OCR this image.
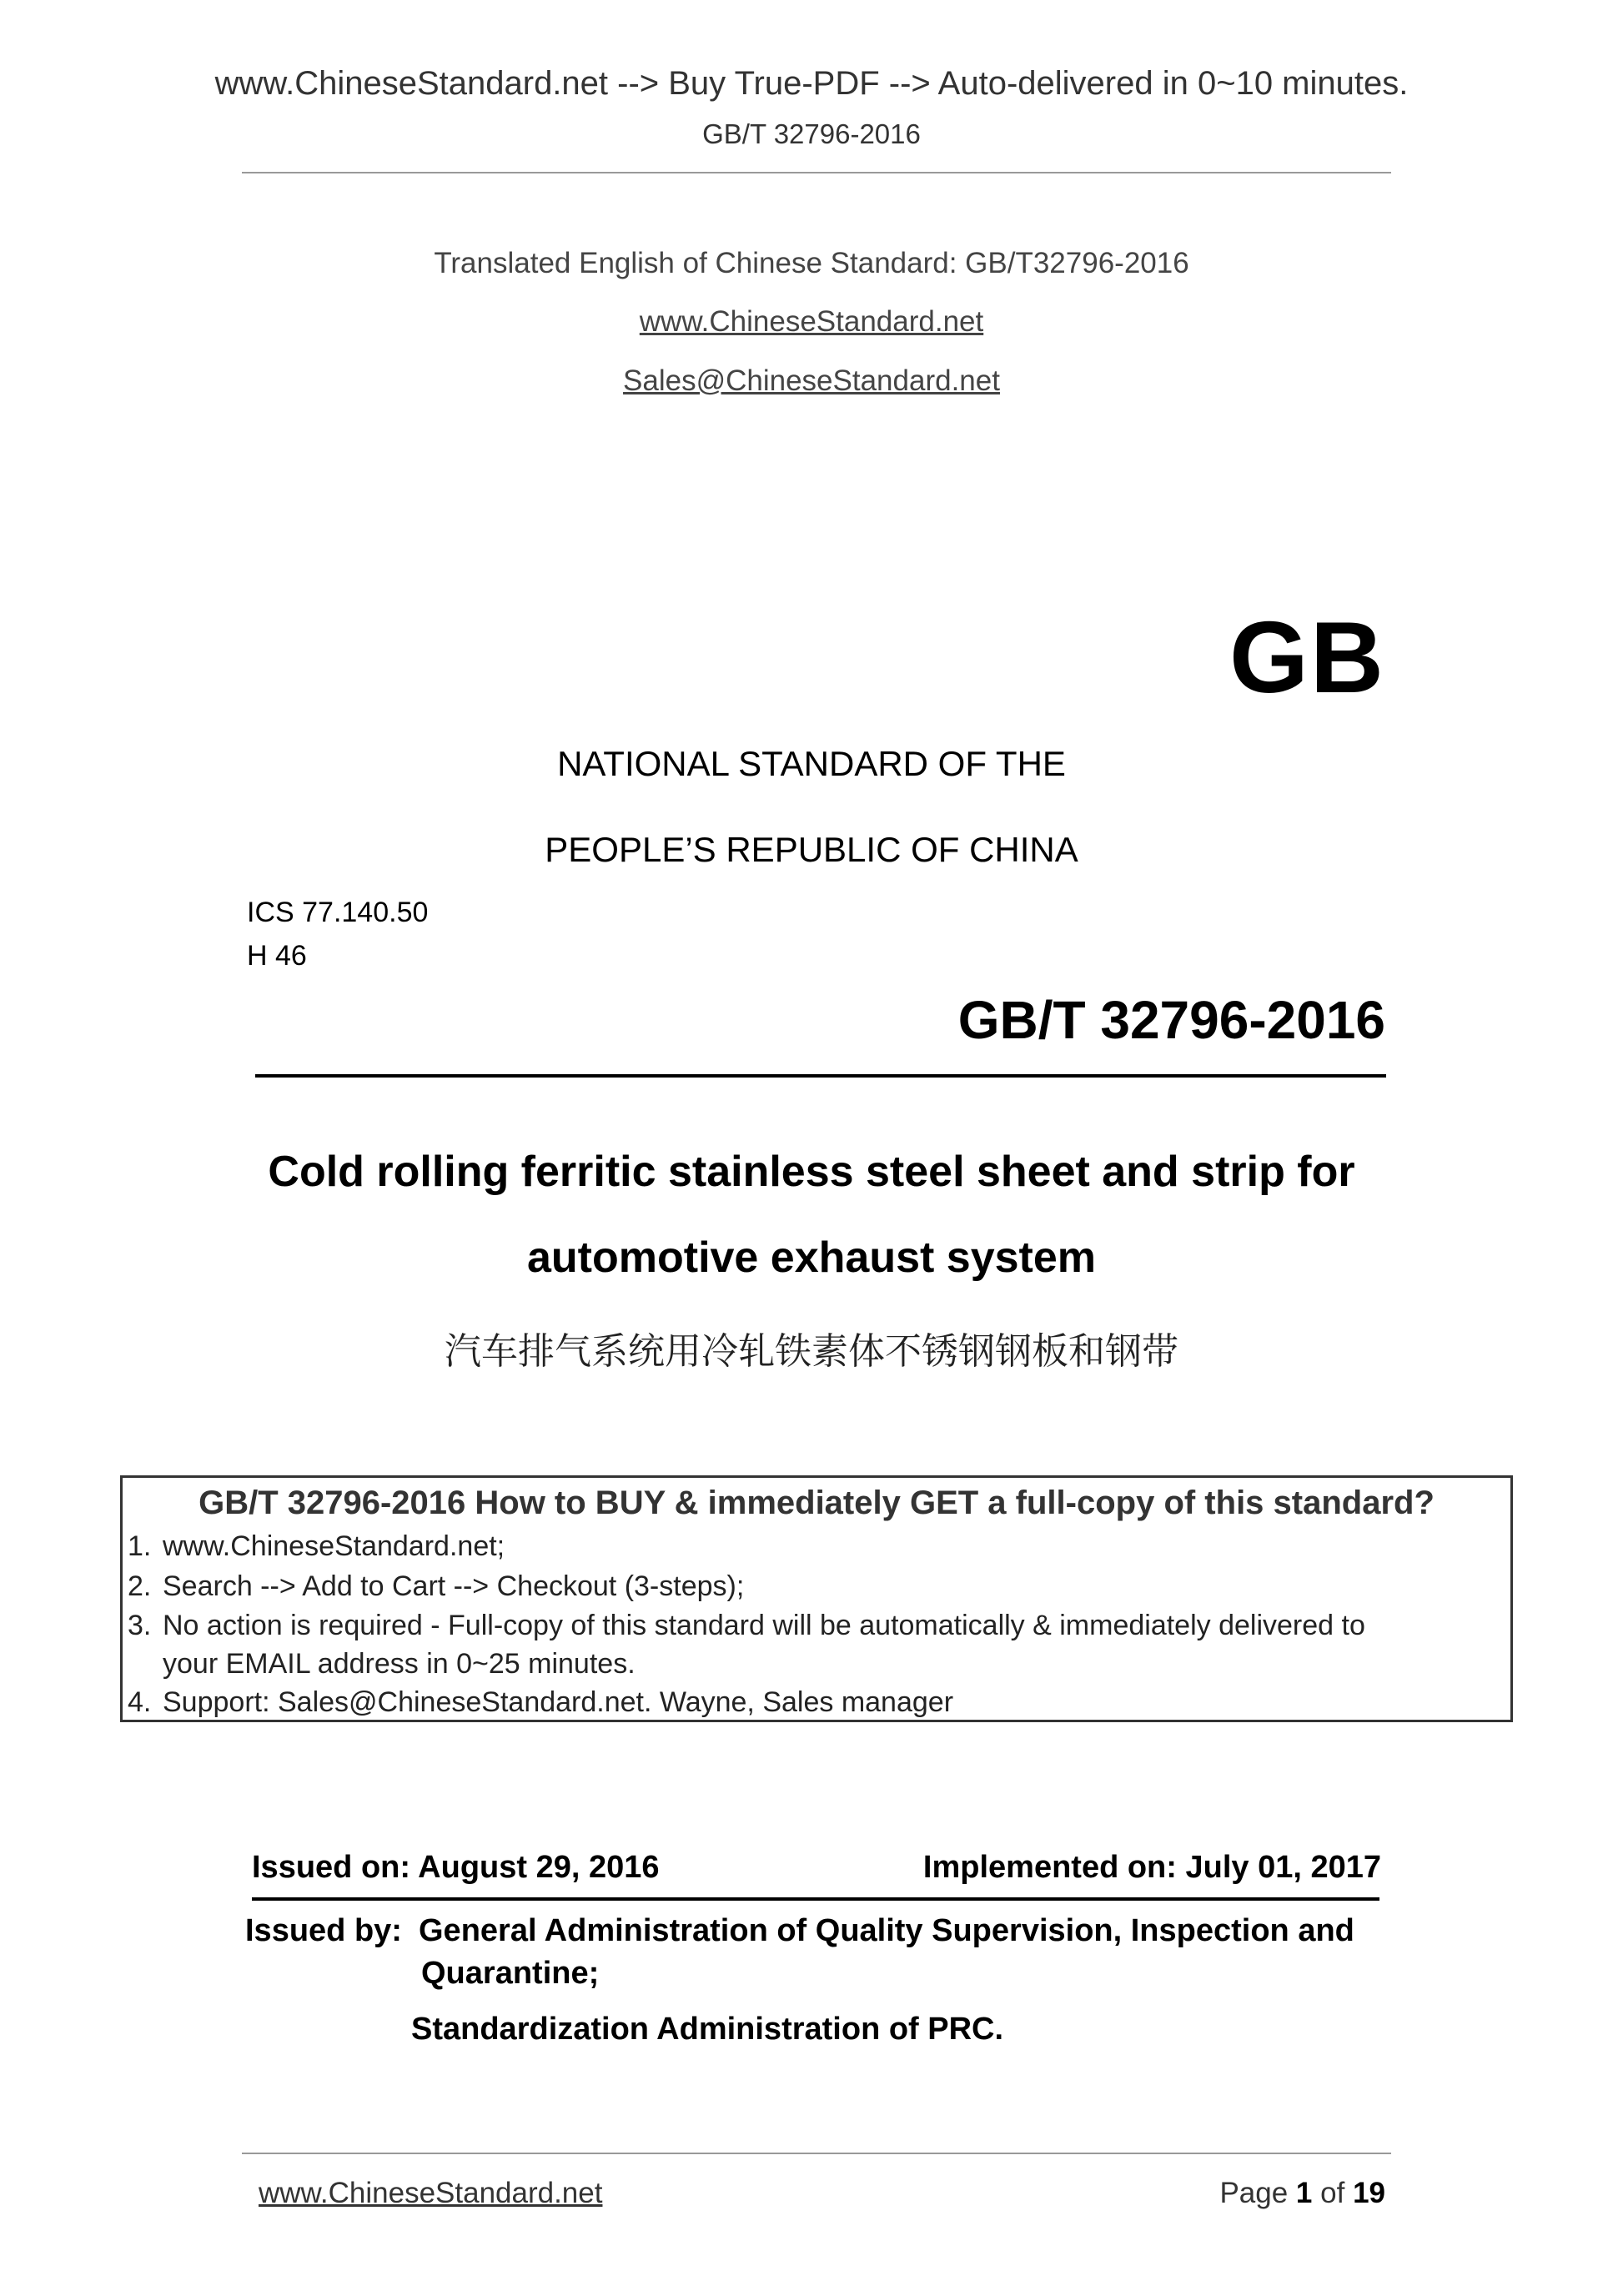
www.ChineseStandard.net --> Buy True-PDF --> Auto-delivered in 0~10 minutes.
GB/T 32796-2016
Translated English of Chinese Standard: GB/T32796-2016
www.ChineseStandard.net
Sales@ChineseStandard.net
GB
NATIONAL STANDARD OF THE
PEOPLE’S REPUBLIC OF CHINA
ICS 77.140.50
H 46
GB/T 32796-2016
Cold rolling ferritic stainless steel sheet and strip for
automotive exhaust system
汽车排气系统用冷轧铁素体不锈钢钢板和钢带
GB/T 32796-2016 How to BUY & immediately GET a full-copy of this standard?
1. www.ChineseStandard.net;
2. Search --> Add to Cart --> Checkout (3-steps);
3. No action is required - Full-copy of this standard will be automatically & immediately delivered to
your EMAIL address in 0~25 minutes.
4. Support: Sales@ChineseStandard.net. Wayne, Sales manager
Issued on: August 29, 2016	Implemented on: July 01, 2017
Issued by: General Administration of Quality Supervision, Inspection and
Quarantine;
Standardization Administration of PRC.
www.ChineseStandard.net	Page 1 of 19
